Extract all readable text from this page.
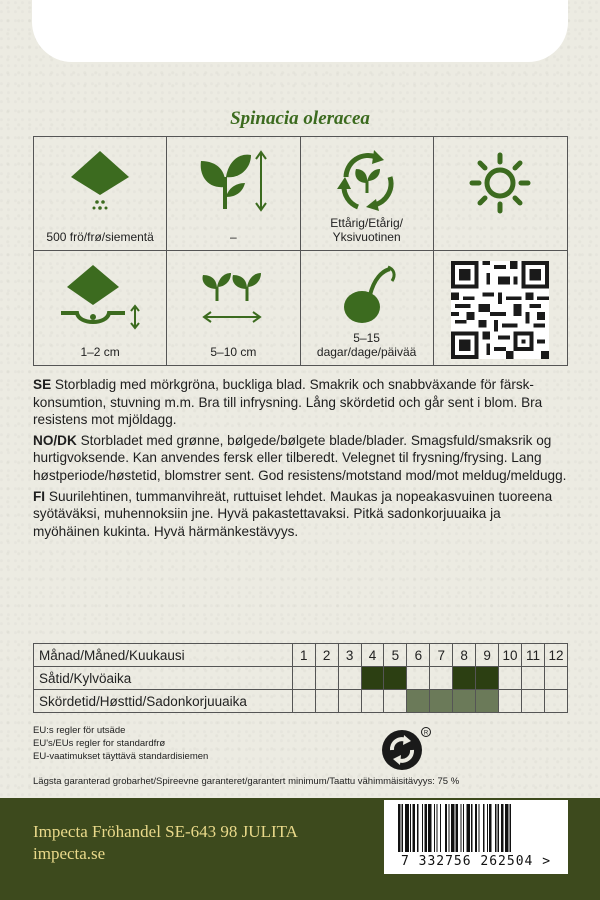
Spinacia oleracea
500 frö/frø/siementä	–
Ettårig/Etårig/ Yksivuotinen
1–2 cm	5–10 cm
5–15 dagar/dage/päivää

SE Storbladig med mörkgröna, buckliga blad. Smakrik och snabbväxande för färsk-konsumtion, stuvning m.m. Bra till infrysning. Lång skördetid och går sent i blom. Bra resistens mot mjöldagg.

NO/DK Storbladet med grønne, bølgede/bølgete blade/blader. Smagsfuld/smaksrik og hurtigvoksende. Kan anvendes fersk eller tilberedt. Velegnet til frysning/frysing. Lang høstperiode/høstetid, blomstrer sent. God resistens/motstand mod/mot meldug/meldugg.

FI Suurilehtinen, tummanvihreät, ruttuiset lehdet. Maukas ja nopeakasvuinen tuoreena syötäväksi, muhennoksiin jne. Hyvä pakastettavaksi. Pitkä sadonkorjuuaika ja myöhäinen kukinta. Hyvä härmänkestävyys.

Månad/Måned/Kuukausi	1	2	3	4	5	6	7	8	9	10	11	12
Såtid/Kylvöaika												
Skördetid/Høsttid/Sadonkorjuuaika												
EU:s regler för utsäde
EU's/EUs regler for standardfrø
EU-vaatimukset täyttävä standardisiemen
R
Lägsta garanterad grobarhet/Spireevne garanteret/garantert minimum/Taattu vähimmäisitävyys: 75 %
Impecta Fröhandel SE-643 98 JULITA
impecta.se	7 332756 262504 >
